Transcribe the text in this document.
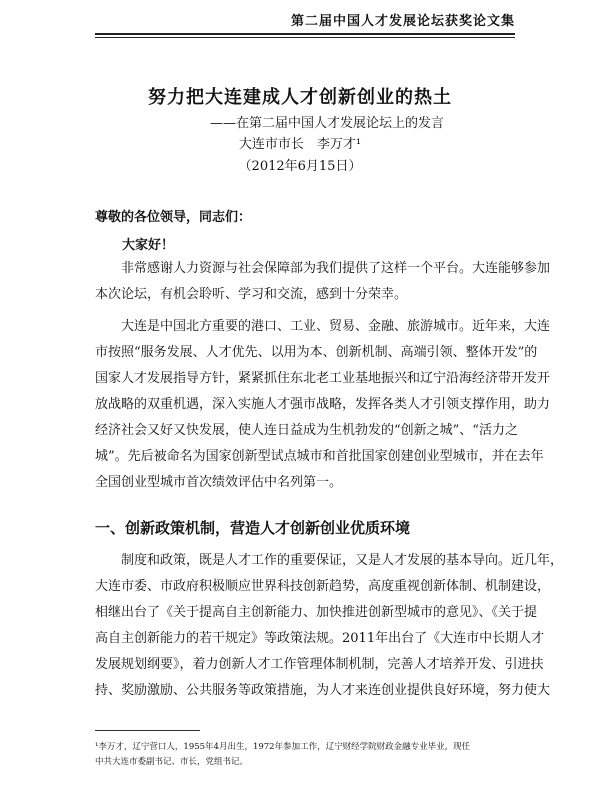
第二届中国人才发展论坛获奖论文集
努力把大连建成人才创新创业的热土
——在第二届中国人才发展论坛上的发言
大连市市长　李万才¹
（2012年6月15日）
尊敬的各位领导，同志们：
大家好！
　　非常感谢人力资源与社会保障部为我们提供了这样一个平台。大连能够参加
本次论坛，有机会聆听、学习和交流，感到十分荣幸。
　　大连是中国北方重要的港口、工业、贸易、金融、旅游城市。近年来，大连
市按照“服务发展、人才优先、以用为本、创新机制、高端引领、整体开发”的
国家人才发展指导方针，紧紧抓住东北老工业基地振兴和辽宁沿海经济带开发开
放战略的双重机遇，深入实施人才强市战略，发挥各类人才引领支撑作用，助力
经济社会又好又快发展，使人连日益成为生机勃发的“创新之城”、“活力之
城”。先后被命名为国家创新型试点城市和首批国家创建创业型城市，并在去年
全国创业型城市首次绩效评估中名列第一。
一、创新政策机制，营造人才创新创业优质环境
　　制度和政策，既是人才工作的重要保证，又是人才发展的基本导向。近几年，
大连市委、市政府积极顺应世界科技创新趋势，高度重视创新体制、机制建设，
相继出台了《关于提高自主创新能力、加快推进创新型城市的意见》、《关于提
高自主创新能力的若干规定》等政策法规。2011年出台了《大连市中长期人才
发展规划纲要》，着力创新人才工作管理体制机制，完善人才培养开发、引进扶
持、奖励激励、公共服务等政策措施，为人才来连创业提供良好环境，努力使大
¹李万才，辽宁营口人，1955年4月出生，1972年参加工作，辽宁财经学院财政金融专业毕业，现任
中共大连市委副书记、市长，党组书记。
